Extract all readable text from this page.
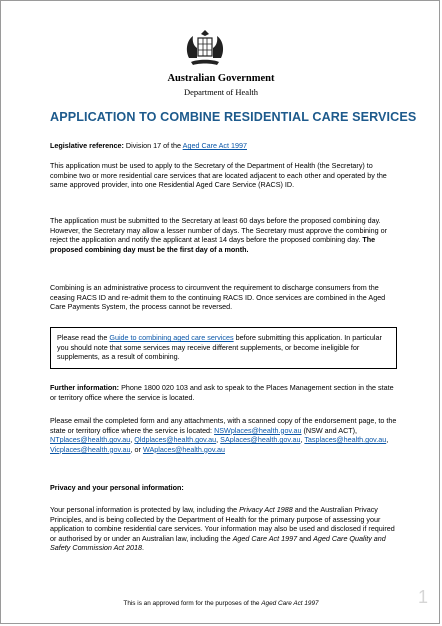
Australian Government
Department of Health
APPLICATION TO COMBINE RESIDENTIAL CARE SERVICES
Legislative reference: Division 17 of the Aged Care Act 1997
This application must be used to apply to the Secretary of the Department of Health (the Secretary) to combine two or more residential care services that are located adjacent to each other and operated by the same approved provider, into one Residential Aged Care Service (RACS) ID.
The application must be submitted to the Secretary at least 60 days before the proposed combining day. However, the Secretary may allow a lesser number of days. The Secretary must approve the combining or reject the application and notify the applicant at least 14 days before the proposed combining day. The proposed combining day must be the first day of a month.
Combining is an administrative process to circumvent the requirement to discharge consumers from the ceasing RACS ID and re-admit them to the continuing RACS ID. Once services are combined in the Aged Care Payments System, the process cannot be reversed.
Please read the Guide to combining aged care services before submitting this application. In particular you should note that some services may receive different supplements, or become ineligible for supplements, as a result of combining.
Further information: Phone 1800 020 103 and ask to speak to the Places Management section in the state or territory office where the service is located.
Please email the completed form and any attachments, with a scanned copy of the endorsement page, to the state or territory office where the service is located: NSWplaces@health.gov.au (NSW and ACT), NTplaces@health.gov.au, Qldplaces@health.gov.au, SAplaces@health.gov.au, Tasplaces@health.gov.au, Vicplaces@health.gov.au, or WAplaces@health.gov.au
Privacy and your personal information:
Your personal information is protected by law, including the Privacy Act 1988 and the Australian Privacy Principles, and is being collected by the Department of Health for the primary purpose of assessing your application to combine residential care services. Your information may also be used and disclosed if required or authorised by or under an Australian law, including the Aged Care Act 1997 and Aged Care Quality and Safety Commission Act 2018.
This is an approved form for the purposes of the Aged Care Act 1997	1
